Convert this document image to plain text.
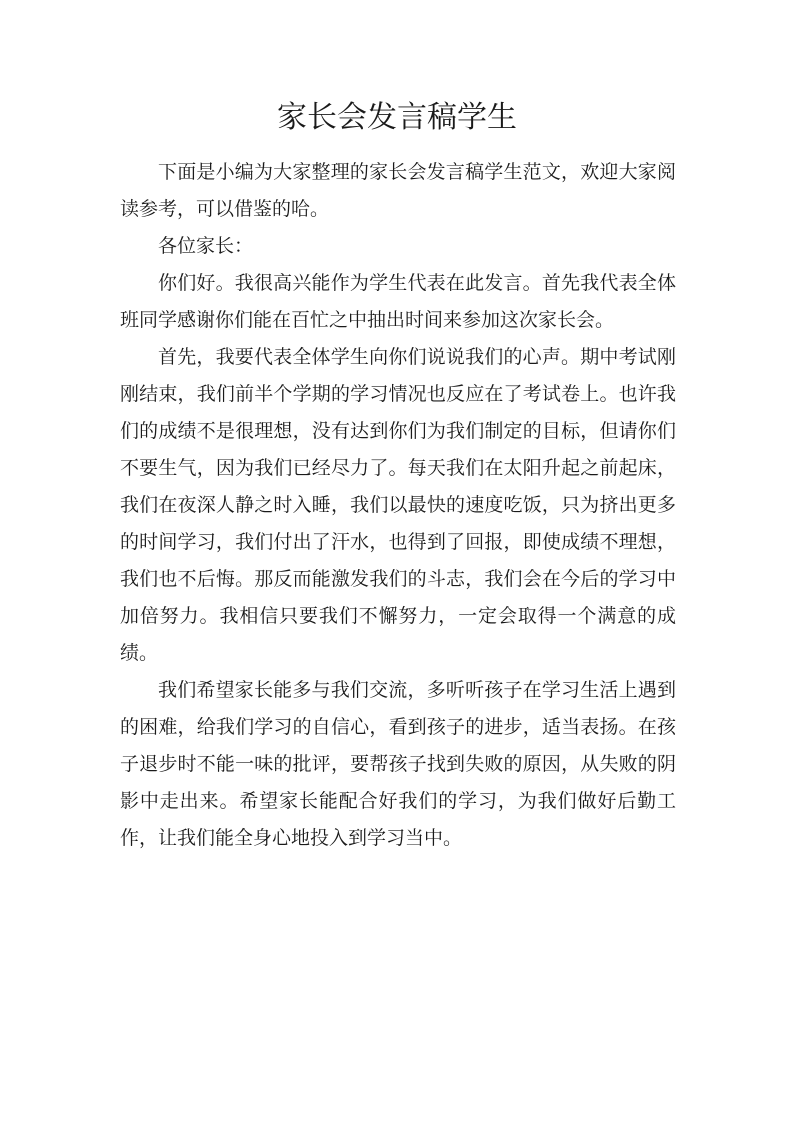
家长会发言稿学生

下面是小编为大家整理的家长会发言稿学生范文，欢迎大家阅读参考，可以借鉴的哈。

各位家长：

你们好。我很高兴能作为学生代表在此发言。首先我代表全体班同学感谢你们能在百忙之中抽出时间来参加这次家长会。

首先，我要代表全体学生向你们说说我们的心声。期中考试刚刚结束，我们前半个学期的学习情况也反应在了考试卷上。也许我们的成绩不是很理想，没有达到你们为我们制定的目标，但请你们不要生气，因为我们已经尽力了。每天我们在太阳升起之前起床，我们在夜深人静之时入睡，我们以最快的速度吃饭，只为挤出更多的时间学习，我们付出了汗水，也得到了回报，即使成绩不理想，我们也不后悔。那反而能激发我们的斗志，我们会在今后的学习中加倍努力。我相信只要我们不懈努力，一定会取得一个满意的成绩。

我们希望家长能多与我们交流，多听听孩子在学习生活上遇到的困难，给我们学习的自信心，看到孩子的进步，适当表扬。在孩子退步时不能一味的批评，要帮孩子找到失败的原因，从失败的阴影中走出来。希望家长能配合好我们的学习，为我们做好后勤工作，让我们能全身心地投入到学习当中。
